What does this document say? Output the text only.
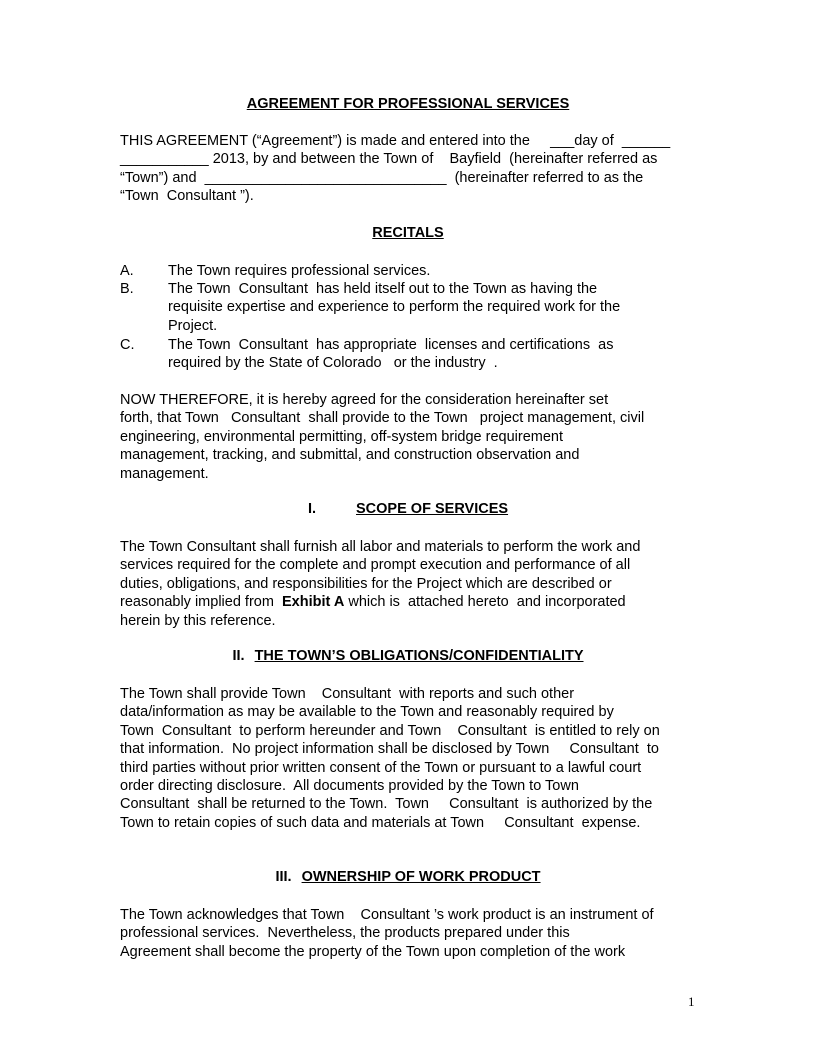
AGREEMENT FOR PROFESSIONAL SERVICES
THIS AGREEMENT (“Agreement”) is made and entered into the     ___day of  ______
___________ 2013, by and between the Town of    Bayfield  (hereinafter referred as
“Town”) and  ______________________________  (hereinafter referred to as the
“Town  Consultant ”).
RECITALS
A. The Town requires professional services.
B. The Town  Consultant  has held itself out to the Town as having the
requisite expertise and experience to perform the required work for the
Project.
C. The Town  Consultant  has appropriate  licenses and certifications  as
required by the State of Colorado   or the industry  .
NOW THEREFORE, it is hereby agreed for the consideration hereinafter set
forth, that Town   Consultant  shall provide to the Town   project management, civil
engineering, environmental permitting, off-system bridge requirement
management, tracking, and submittal, and construction observation and
management.
I.	SCOPE OF SERVICES
The Town Consultant shall furnish all labor and materials to perform the work and
services required for the complete and prompt execution and performance of all
duties, obligations, and responsibilities for the Project which are described or
reasonably implied from  Exhibit A which is  attached hereto  and incorporated
herein by this reference.
II. THE TOWN’S OBLIGATIONS/CONFIDENTIALITY
The Town shall provide Town    Consultant  with reports and such other
data/information as may be available to the Town and reasonably required by
Town  Consultant  to perform hereunder and Town    Consultant  is entitled to rely on
that information.  No project information shall be disclosed by Town     Consultant  to
third parties without prior written consent of the Town or pursuant to a lawful court
order directing disclosure.  All documents provided by the Town to Town
Consultant  shall be returned to the Town.  Town     Consultant  is authorized by the
Town to retain copies of such data and materials at Town     Consultant  expense.
III. OWNERSHIP OF WORK PRODUCT
The Town acknowledges that Town    Consultant ’s work product is an instrument of
professional services.  Nevertheless, the products prepared under this
Agreement shall become the property of the Town upon completion of the work
1
